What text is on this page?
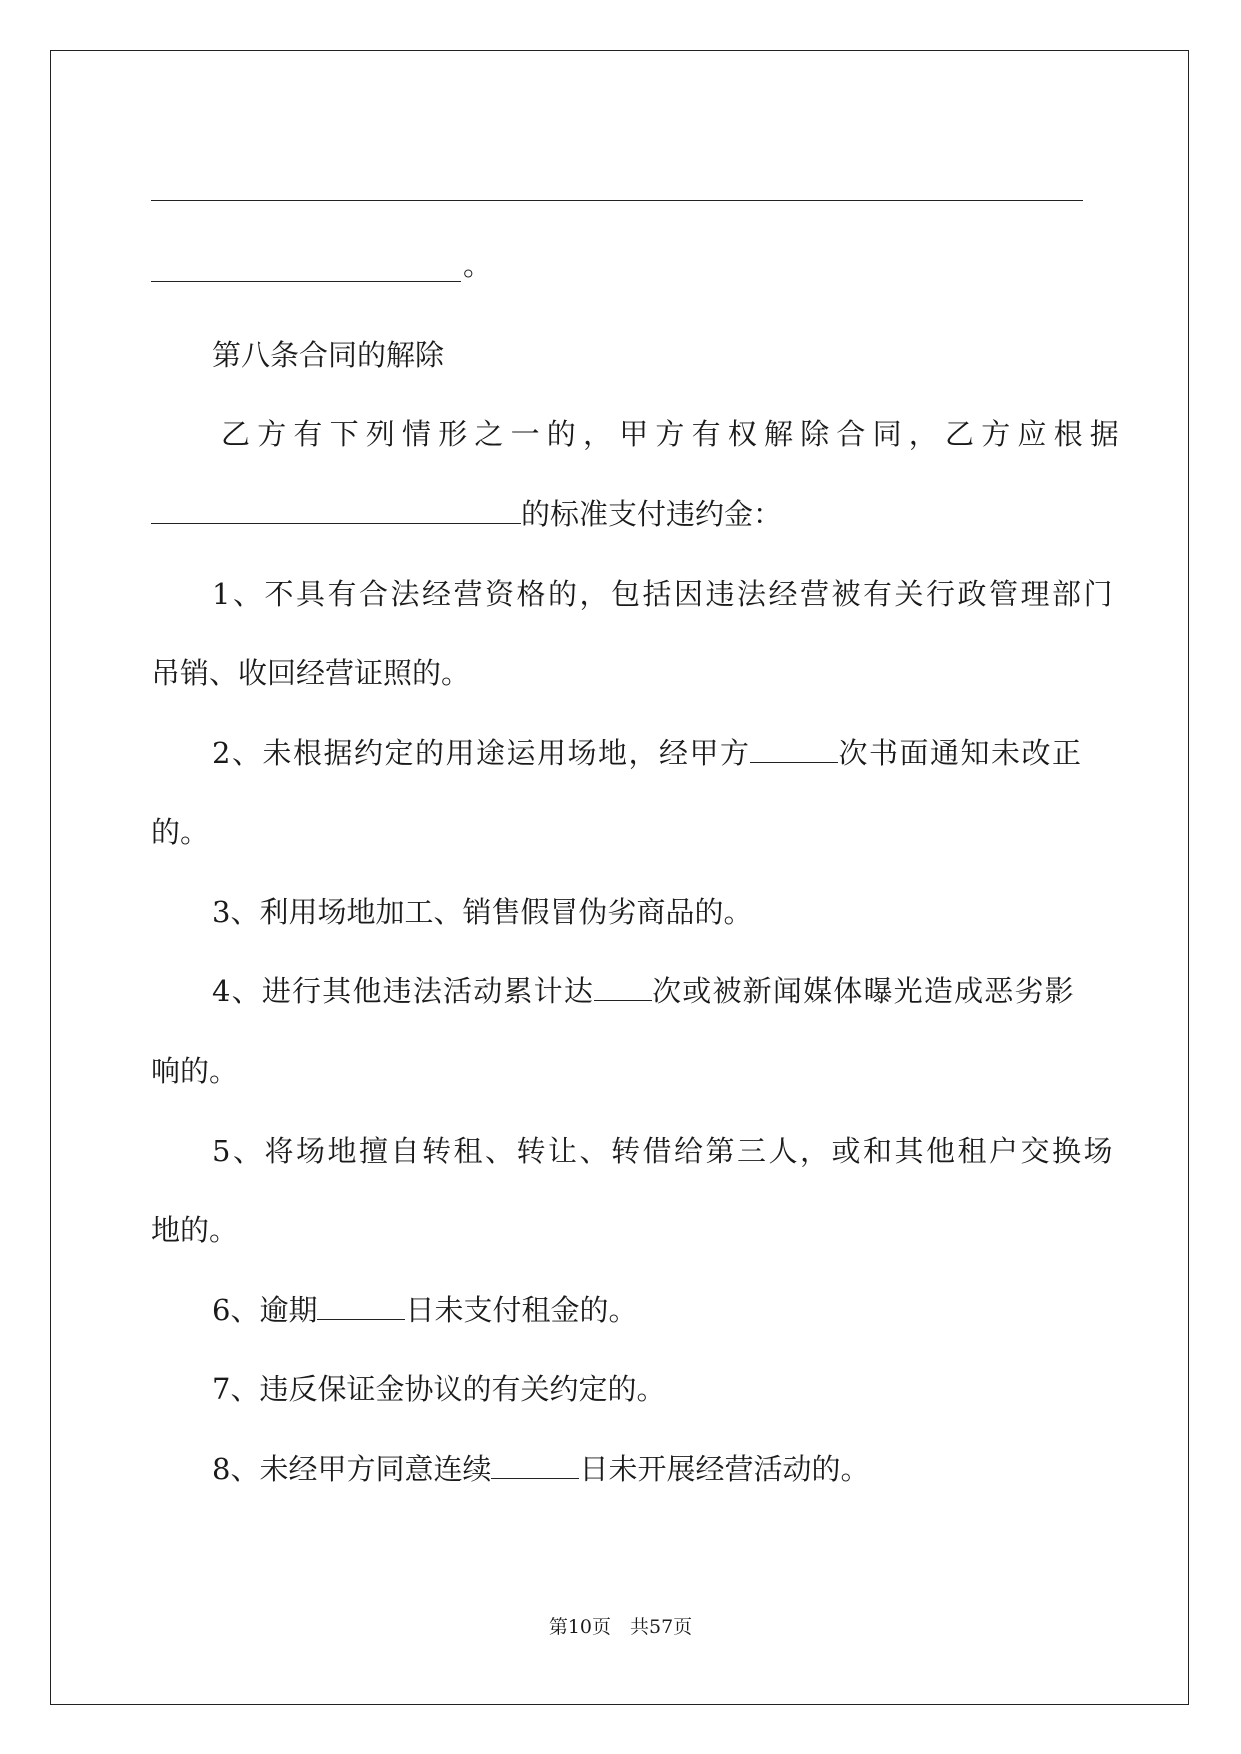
。

第八条合同的解除

乙方有下列情形之一的，甲方有权解除合同，乙方应根据

的标准支付违约金：

1、不具有合法经营资格的，包括因违法经营被有关行政管理部门

吊销、收回经营证照的。

2、未根据约定的用途运用场地，经甲方	次书面通知未改正

的。

3、利用场地加工、销售假冒伪劣商品的。

4、进行其他违法活动累计达 次或被新闻媒体曝光造成恶劣影

响的。

5、将场地擅自转租、转让、转借给第三人，或和其他租户交换场

地的。

6、逾期	日未支付租金的。

7、违反保证金协议的有关约定的。

8、未经甲方同意连续	日未开展经营活动的。
第10页　共57页
